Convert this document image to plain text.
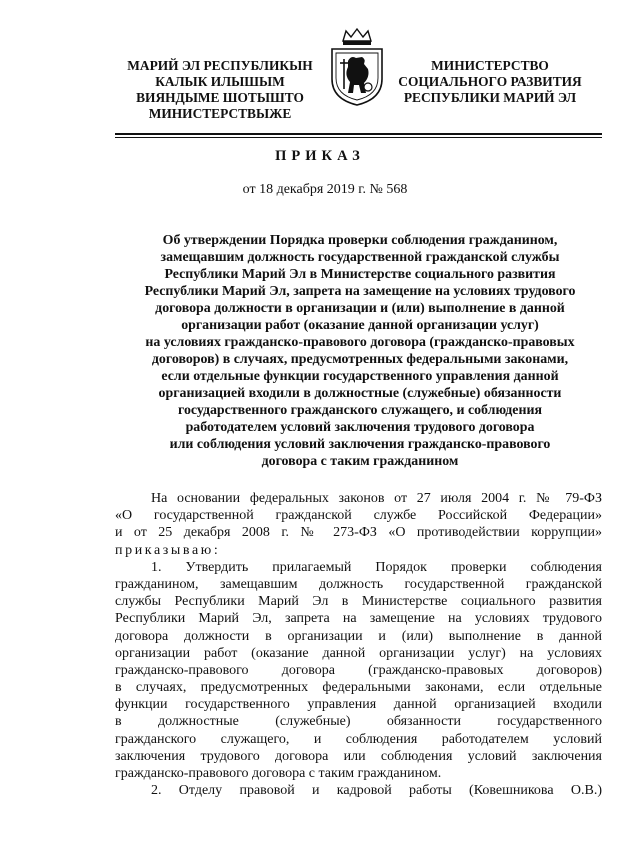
МАРИЙ ЭЛ РЕСПУБЛИКЫН
КАЛЫК ИЛЫШЫМ
ВИЯНДЫМЕ ШОТЫШТО
МИНИСТЕРСТВЫЖЕ
МИНИСТЕРСТВО
СОЦИАЛЬНОГО РАЗВИТИЯ
РЕСПУБЛИКИ МАРИЙ ЭЛ
ПРИКАЗ
от 18 декабря 2019 г. № 568
Об утверждении Порядка проверки соблюдения гражданином,
замещавшим должность государственной гражданской службы
Республики Марий Эл в Министерстве социального развития
Республики Марий Эл, запрета на замещение на условиях трудового
договора должности в организации и (или) выполнение в данной
организации работ (оказание данной организации услуг)
на условиях гражданско-правового договора (гражданско-правовых
договоров) в случаях, предусмотренных федеральными законами,
если отдельные функции государственного управления данной
организацией входили в должностные (служебные) обязанности
государственного гражданского служащего, и соблюдения
работодателем условий заключения трудового договора
или соблюдения условий заключения гражданско-правового
договора с таким гражданином
На основании федеральных законов от 27 июля 2004 г. № 79-ФЗ
«О государственной гражданской службе Российской Федерации»
и от 25 декабря 2008 г. № 273-ФЗ «О противодействии коррупции»
приказываю:
1. Утвердить прилагаемый Порядок проверки соблюдения
гражданином, замещавшим должность государственной гражданской
службы Республики Марий Эл в Министерстве социального развития
Республики Марий Эл, запрета на замещение на условиях трудового
договора должности в организации и (или) выполнение в данной
организации работ (оказание данной организации услуг) на условиях
гражданско-правового договора (гражданско-правовых договоров)
в случаях, предусмотренных федеральными законами, если отдельные
функции государственного управления данной организацией входили
в должностные (служебные) обязанности государственного
гражданского служащего, и соблюдения работодателем условий
заключения трудового договора или соблюдения условий заключения
гражданско-правового договора с таким гражданином.
2. Отделу правовой и кадровой работы (Ковешникова О.В.)
